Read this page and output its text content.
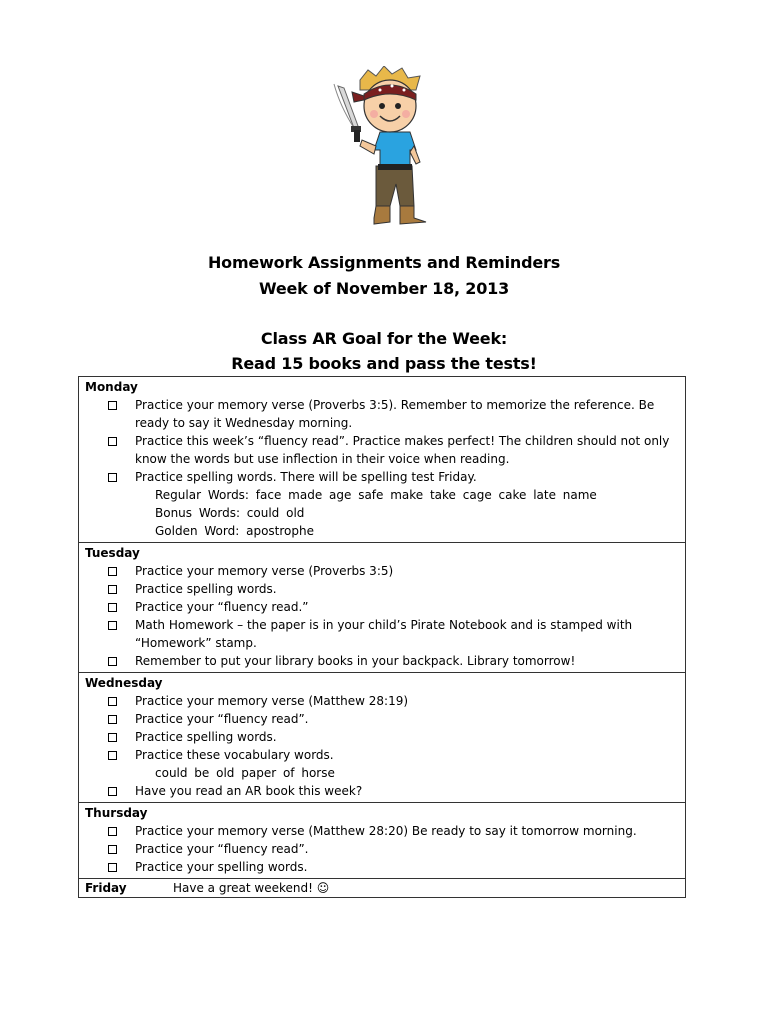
Homework Assignments and Reminders
Week of November 18, 2013
Class AR Goal for the Week:
Read 15 books and pass the tests!
Monday
Practice your memory verse (Proverbs 3:5). Remember to memorize the reference. Be ready to say it Wednesday morning.
Practice this week’s “fluency read”. Practice makes perfect! The children should not only know the words but use inflection in their voice when reading.
Practice spelling words. There will be spelling test Friday.
Regular Words: face made age safe make take cage cake late name
Bonus Words: could old
Golden Word: apostrophe

Tuesday
Practice your memory verse (Proverbs 3:5)
Practice spelling words.
Practice your “fluency read.”
Math Homework – the paper is in your child’s Pirate Notebook and is stamped with “Homework” stamp.
Remember to put your library books in your backpack. Library tomorrow!

Wednesday
Practice your memory verse (Matthew 28:19)
Practice your “fluency read”.
Practice spelling words.
Practice these vocabulary words.
could be old paper of horse
Have you read an AR book this week?

Thursday
Practice your memory verse (Matthew 28:20) Be ready to say it tomorrow morning.
Practice your “fluency read”.
Practice your spelling words.

Friday	Have a great weekend! ☺
